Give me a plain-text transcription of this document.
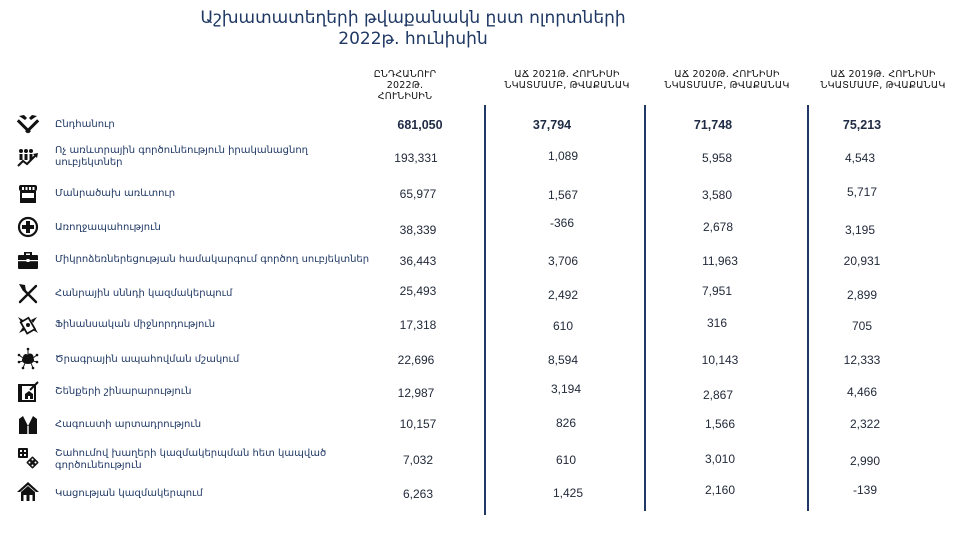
Աշխատատեղերի թվաքանակն ըստ ոլորտների
2022թ. հունիսին
ԸՆԴՀԱՆՈՒՐ 2022Թ.
ՀՈՒՆԻՍԻՆ
ԱՃ 2021Թ. ՀՈՒՆԻՍԻ
ՆԿԱՏՄԱՄԲ, ԹՎԱՔԱՆԱԿ
ԱՃ 2020Թ. ՀՈՒՆԻՍԻ
ՆԿԱՏՄԱՄԲ, ԹՎԱՔԱՆԱԿ
ԱՃ 2019Թ. ՀՈՒՆԻՍԻ
ՆԿԱՏՄԱՄԲ, ԹՎԱՔԱՆԱԿ
Ընդհանուր	681,050	37,794	71,748	75,213
Ոչ առևտրային գործունեություն իրականացնող սուբյեկտներ	193,331	1,089	5,958	4,543
Մանրածախ առևտուր	65,977	1,567	3,580	5,717
Առողջապահություն	38,339	-366	2,678	3,195
Միկրոձեռներեցության համակարգում գործող սուբյեկտներ	36,443	3,706	11,963	20,931
Հանրային սննդի կազմակերպում	25,493	2,492	7,951	2,899
Ֆինանսական միջնորդություն	17,318	610	316	705
Ծրագրային ապահովման մշակում	22,696	8,594	10,143	12,333
Շենքերի շինարարություն	12,987	3,194	2,867	4,466
Հագուստի արտադրություն	10,157	826	1,566	2,322
Շահումով խաղերի կազմակերպման հետ կապված գործունեություն	7,032	610	3,010	2,990
Կացության կազմակերպում	6,263	1,425	2,160	-139
